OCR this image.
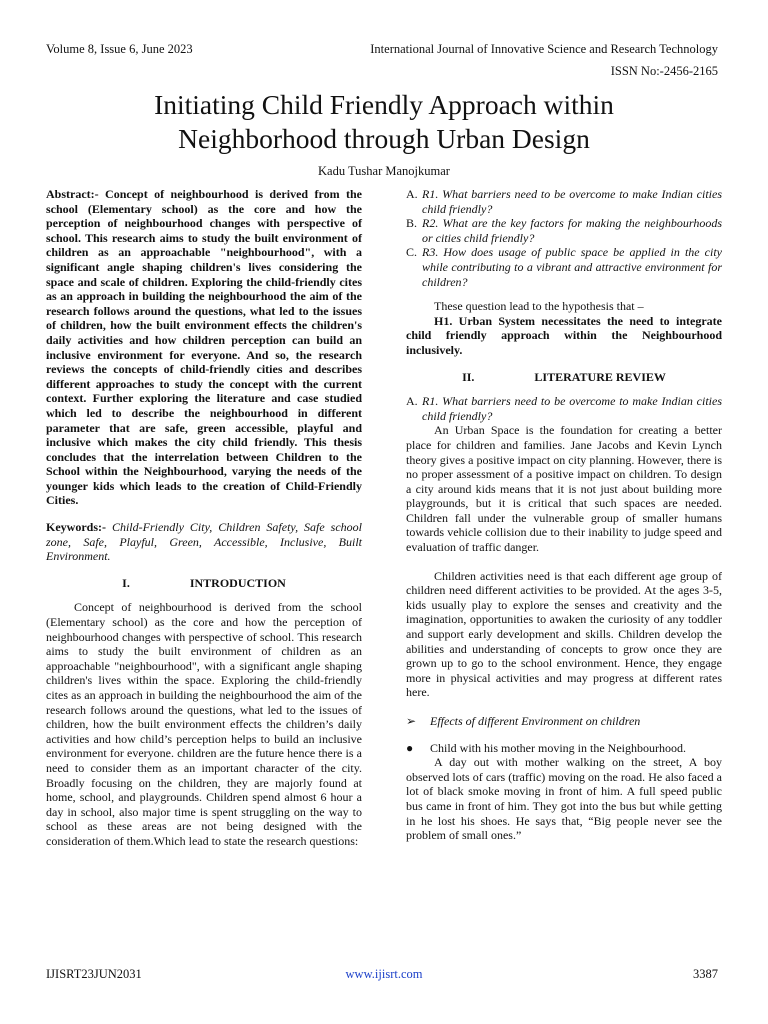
Volume 8, Issue 6, June 2023	International Journal of Innovative Science and Research Technology
ISSN No:-2456-2165
Initiating Child Friendly Approach within
Neighborhood through Urban Design
Kadu Tushar Manojkumar

Abstract:- Concept of neighbourhood is derived from the school (Elementary school) as the core and how the perception of neighbourhood changes with perspective of school. This research aims to study the built environment of children as an approachable "neighbourhood", with a significant angle shaping children's lives considering the space and scale of children. Exploring the child-friendly cites as an approach in building the neighbourhood the aim of the research follows around the questions, what led to the issues of children, how the built environment effects the children's daily activities and how children perception can build an inclusive environment for everyone. And so, the research reviews the concepts of child-friendly cities and describes different approaches to study the concept with the current context. Further exploring the literature and case studied which led to describe the neighbourhood in different parameter that are safe, green accessible, playful and inclusive which makes the city child friendly. This thesis concludes that the interrelation between Children to the School within the Neighbourhood, varying the needs of the younger kids which leads to the creation of Child-Friendly Cities.

Keywords:- Child-Friendly City, Children Safety, Safe school zone, Safe, Playful, Green, Accessible, Inclusive, Built Environment.

I.	INTRODUCTION

Concept of neighbourhood is derived from the school (Elementary school) as the core and how the perception of neighbourhood changes with perspective of school. This research aims to study the built environment of children as an approachable "neighbourhood", with a significant angle shaping children's lives within the space. Exploring the child-friendly cites as an approach in building the neighbourhood the aim of the research follows around the questions, what led to the issues of children, how the built environment effects the children’s daily activities and how child’s perception helps to build an inclusive environment for everyone. children are the future hence there is a need to consider them as an important character of the city. Broadly focusing on the children, they are majorly found at home, school, and playgrounds. Children spend almost 6 hour a day in school, also major time is spent struggling on the way to school as these areas are not being designed with the consideration of them.Which lead to state the research questions:

A. R1. What barriers need to be overcome to make Indian cities child friendly?
B. R2. What are the key factors for making the neighbourhoods or cities child friendly?
C. R3. How does usage of public space be applied in the city while contributing to a vibrant and attractive environment for children?

These question lead to the hypothesis that –

H1. Urban System necessitates the need to integrate child friendly approach within the Neighbourhood inclusively.

II.	LITERATURE REVIEW
A. R1. What barriers need to be overcome to make Indian cities child friendly?

An Urban Space is the foundation for creating a better place for children and families. Jane Jacobs and Kevin Lynch theory gives a positive impact on city planning. However, there is no proper assessment of a positive impact on children. To design a city around kids means that it is not just about building more playgrounds, but it is critical that such spaces are needed. Children fall under the vulnerable group of smaller humans towards vehicle collision due to their inability to judge speed and evaluation of traffic danger.

Children activities need is that each different age group of children need different activities to be provided. At the ages 3-5, kids usually play to explore the senses and creativity and the imagination, opportunities to awaken the curiosity of any toddler and support early development and skills. Children develop the abilities and understanding of concepts to grow once they are grown up to go to the school environment. Hence, they engage more in physical activities and may progress at different rates here.

➢	Effects of different Environment on children
●	Child with his mother moving in the Neighbourhood.

A day out with mother walking on the street, A boy observed lots of cars (traffic) moving on the road. He also faced a lot of black smoke moving in front of him. A full speed public bus came in front of him. They got into the bus but while getting in he lost his shoes. He says that, “Big people never see the problem of small ones.”

IJISRT23JUN2031	www.ijisrt.com	3387
